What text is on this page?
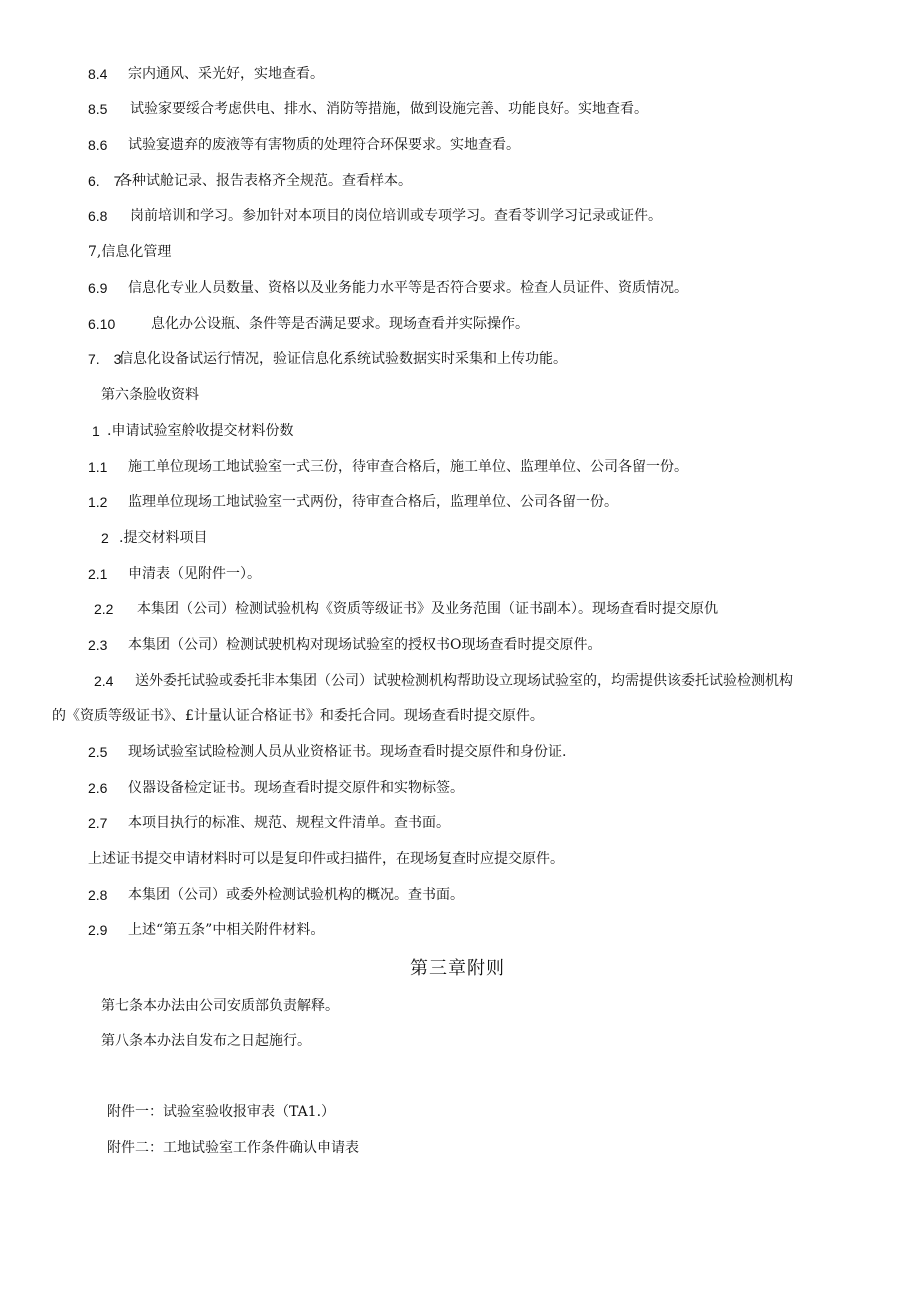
8.4 宗内通风、采光好，实地查看。
8.5 试验家要绥合考虑供电、排水、消防等措施，做到设施完善、功能良好。实地查看。
8.6 试验宴遗弃的废液等有害物质的处理符合环保要求。实地查看。
6.　7
各种试舱记录、报告表格齐全规范。查看样本。
6.8 岗前培训和学习。参加针对本项目的岗位培训或专项学习。查看苓训学习记录或证件。
7,信息化管理
6.9 信息化专业人员数量、资格以及业务能力水平等是否符合要求。检查人员证件、资质情况。
6.10	息化办公设瓶、条件等是否满足要求。现场查看并实际操作。
7.　3
信息化设备试运行情况，验证信息化系统试验数据实时采集和上传功能。
第六条脸收资料
1 .申请试验室舲收提交材料份数
1.1 施工单位现场工地试验室一式三份，待审查合格后，施工单位、监理单位、公司各留一份。
1.2 监理单位现场工地试验室一式两份，待审查合格后，监理单位、公司各留一份。
2 .提交材料项目
2.1 申清表（见附件一）。
2.2 本集团（公司）检测试验机构《资质等级证书》及业务范围（证书副本）。现场查看时提交原仇
2.3 本集团（公司）检测试驶机构对现场试验室的授权书O现场查看时提交原件。
2.4 送外委托试验或委托非本集团（公司）试驶检测机构帮助设立现场试验室的，均需提供该委托试验检测机构
的《资质等级证书》、£计量认证合格证书》和委托合同。现场查看时提交原件。
2.5 现场试验室试睑检测人员从业资格证书。现场查看时提交原件和身份证.
2.6 仪器设备检定证书。现场查看时提交原件和实物标签。
2.7 本项目执行的标准、规范、规程文件清单。查书面。
上述证书提交申请材料时可以是复印件或扫描件，在现场复查时应提交原件。
2.8 本集团（公司）或委外检测试验机构的概况。查书面。
2.9 上述“第五条”中相关附件材料。
第三章附则
第七条本办法由公司安质部负责解释。
第八条本办法自发布之日起施行。
附件一：试验室验收报审表（TA1.）
附件二：工地试验室工作条件确认申请表
